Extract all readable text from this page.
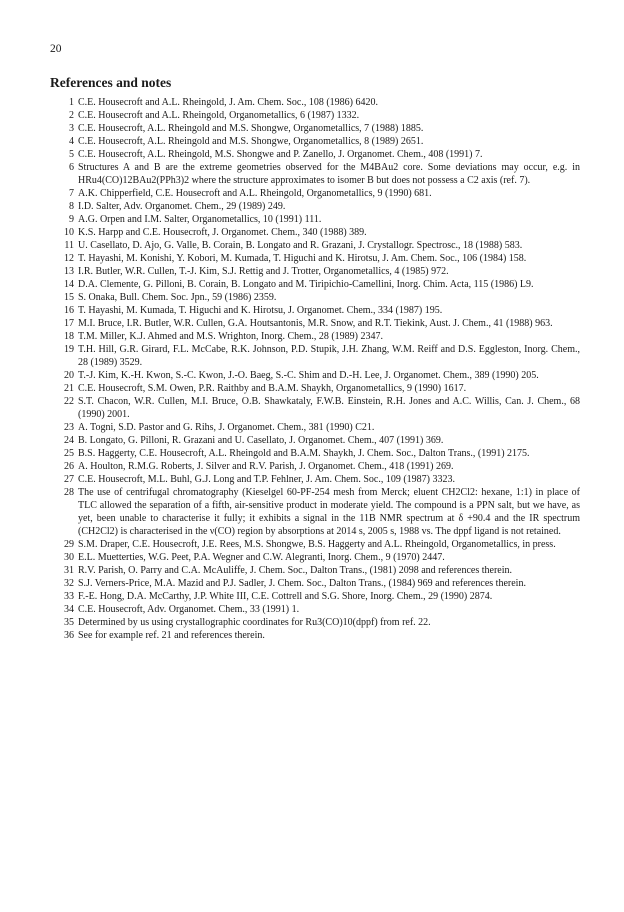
20
References and notes
1 C.E. Housecroft and A.L. Rheingold, J. Am. Chem. Soc., 108 (1986) 6420.
2 C.E. Housecroft and A.L. Rheingold, Organometallics, 6 (1987) 1332.
3 C.E. Housecroft, A.L. Rheingold and M.S. Shongwe, Organometallics, 7 (1988) 1885.
4 C.E. Housecroft, A.L. Rheingold and M.S. Shongwe, Organometallics, 8 (1989) 2651.
5 C.E. Housecroft, A.L. Rheingold, M.S. Shongwe and P. Zanello, J. Organomet. Chem., 408 (1991) 7.
6 Structures A and B are the extreme geometries observed for the M4BAu2 core. Some deviations may occur, e.g. in HRu4(CO)12BAu2(PPh3)2 where the structure approximates to isomer B but does not possess a C2 axis (ref. 7).
7 A.K. Chipperfield, C.E. Housecroft and A.L. Rheingold, Organometallics, 9 (1990) 681.
8 I.D. Salter, Adv. Organomet. Chem., 29 (1989) 249.
9 A.G. Orpen and I.M. Salter, Organometallics, 10 (1991) 111.
10 K.S. Harpp and C.E. Housecroft, J. Organomet. Chem., 340 (1988) 389.
11 U. Casellato, D. Ajo, G. Valle, B. Corain, B. Longato and R. Grazani, J. Crystallogr. Spectrosc., 18 (1988) 583.
12 T. Hayashi, M. Konishi, Y. Kobori, M. Kumada, T. Higuchi and K. Hirotsu, J. Am. Chem. Soc., 106 (1984) 158.
13 I.R. Butler, W.R. Cullen, T.-J. Kim, S.J. Rettig and J. Trotter, Organometallics, 4 (1985) 972.
14 D.A. Clemente, G. Pilloni, B. Corain, B. Longato and M. Tiripichio-Camellini, Inorg. Chim. Acta, 115 (1986) L9.
15 S. Onaka, Bull. Chem. Soc. Jpn., 59 (1986) 2359.
16 T. Hayashi, M. Kumada, T. Higuchi and K. Hirotsu, J. Organomet. Chem., 334 (1987) 195.
17 M.I. Bruce, I.R. Butler, W.R. Cullen, G.A. Houtsantonis, M.R. Snow, and R.T. Tiekink, Aust. J. Chem., 41 (1988) 963.
18 T.M. Miller, K.J. Ahmed and M.S. Wrighton, Inorg. Chem., 28 (1989) 2347.
19 T.H. Hill, G.R. Girard, F.L. McCabe, R.K. Johnson, P.D. Stupik, J.H. Zhang, W.M. Reiff and D.S. Eggleston, Inorg. Chem., 28 (1989) 3529.
20 T.-J. Kim, K.-H. Kwon, S.-C. Kwon, J.-O. Baeg, S.-C. Shim and D.-H. Lee, J. Organomet. Chem., 389 (1990) 205.
21 C.E. Housecroft, S.M. Owen, P.R. Raithby and B.A.M. Shaykh, Organometallics, 9 (1990) 1617.
22 S.T. Chacon, W.R. Cullen, M.I. Bruce, O.B. Shawkataly, F.W.B. Einstein, R.H. Jones and A.C. Willis, Can. J. Chem., 68 (1990) 2001.
23 A. Togni, S.D. Pastor and G. Rihs, J. Organomet. Chem., 381 (1990) C21.
24 B. Longato, G. Pilloni, R. Grazani and U. Casellato, J. Organomet. Chem., 407 (1991) 369.
25 B.S. Haggerty, C.E. Housecroft, A.L. Rheingold and B.A.M. Shaykh, J. Chem. Soc., Dalton Trans., (1991) 2175.
26 A. Houlton, R.M.G. Roberts, J. Silver and R.V. Parish, J. Organomet. Chem., 418 (1991) 269.
27 C.E. Housecroft, M.L. Buhl, G.J. Long and T.P. Fehlner, J. Am. Chem. Soc., 109 (1987) 3323.
28 The use of centrifugal chromatography (Kieselgel 60-PF-254 mesh from Merck; eluent CH2Cl2: hexane, 1:1) in place of TLC allowed the separation of a fifth, air-sensitive product in moderate yield. The compound is a PPN salt, but we have, as yet, been unable to characterise it fully; it exhibits a signal in the 11B NMR spectrum at δ +90.4 and the IR spectrum (CH2Cl2) is characterised in the ν(CO) region by absorptions at 2014 s, 2005 s, 1988 vs. The dppf ligand is not retained.
29 S.M. Draper, C.E. Housecroft, J.E. Rees, M.S. Shongwe, B.S. Haggerty and A.L. Rheingold, Organometallics, in press.
30 E.L. Muetterties, W.G. Peet, P.A. Wegner and C.W. Alegranti, Inorg. Chem., 9 (1970) 2447.
31 R.V. Parish, O. Parry and C.A. McAuliffe, J. Chem. Soc., Dalton Trans., (1981) 2098 and references therein.
32 S.J. Verners-Price, M.A. Mazid and P.J. Sadler, J. Chem. Soc., Dalton Trans., (1984) 969 and references therein.
33 F.-E. Hong, D.A. McCarthy, J.P. White III, C.E. Cottrell and S.G. Shore, Inorg. Chem., 29 (1990) 2874.
34 C.E. Housecroft, Adv. Organomet. Chem., 33 (1991) 1.
35 Determined by us using crystallographic coordinates for Ru3(CO)10(dppf) from ref. 22.
36 See for example ref. 21 and references therein.
